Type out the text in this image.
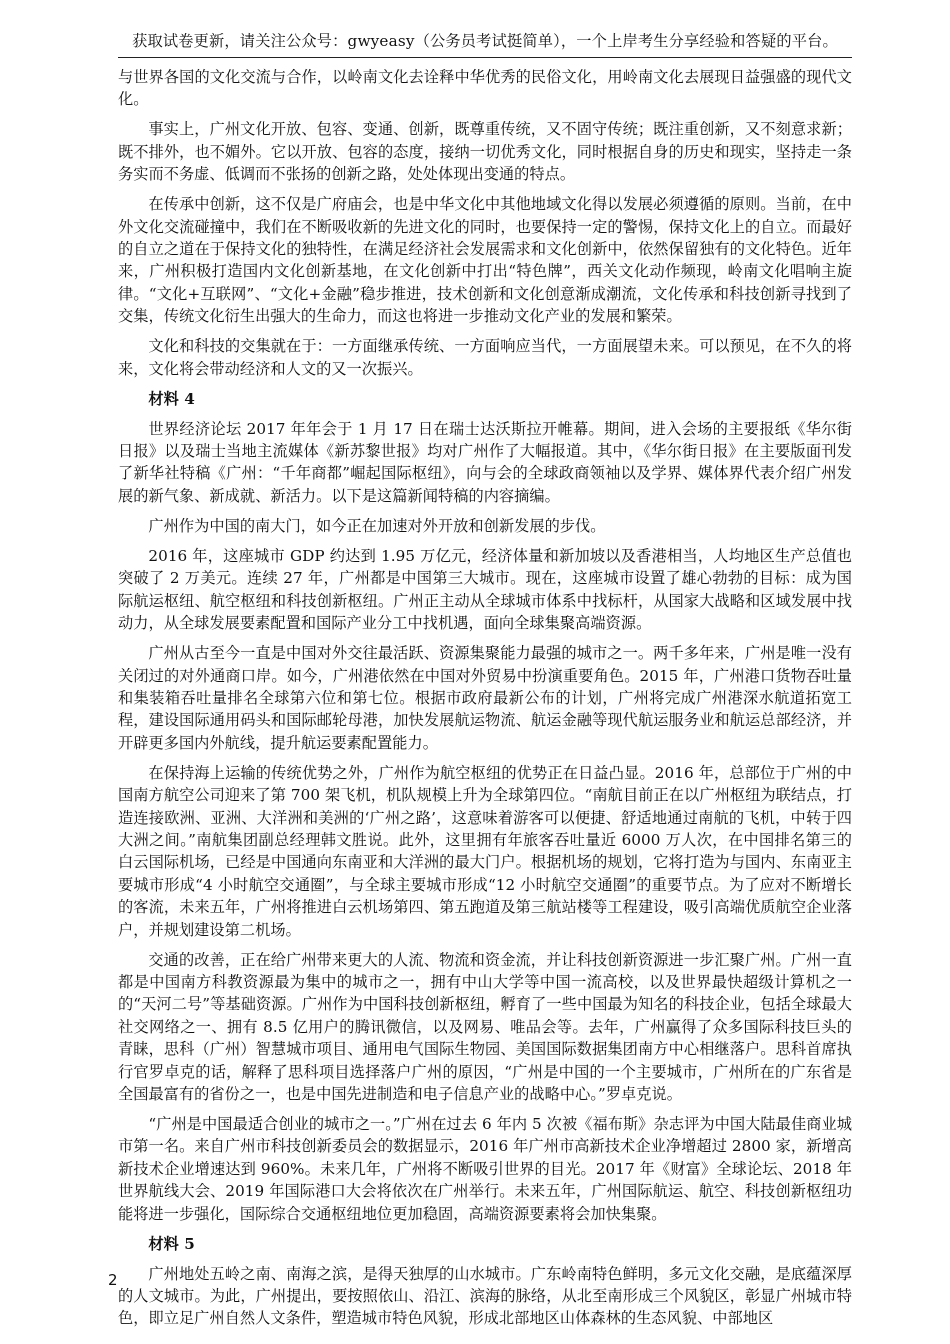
获取试卷更新，请关注公众号：gwyeasy（公务员考试挺简单），一个上岸考生分享经验和答疑的平台。

与世界各国的文化交流与合作，以岭南文化去诠释中华优秀的民俗文化，用岭南文化去展现日益强盛的现代文化。

事实上，广州文化开放、包容、变通、创新，既尊重传统，又不固守传统；既注重创新，又不刻意求新；既不排外，也不媚外。它以开放、包容的态度，接纳一切优秀文化，同时根据自身的历史和现实，坚持走一条务实而不务虚、低调而不张扬的创新之路，处处体现出变通的特点。

在传承中创新，这不仅是广府庙会，也是中华文化中其他地域文化得以发展必须遵循的原则。当前，在中外文化交流碰撞中，我们在不断吸收新的先进文化的同时，也要保持一定的警惕，保持文化上的自立。而最好的自立之道在于保持文化的独特性，在满足经济社会发展需求和文化创新中，依然保留独有的文化特色。近年来，广州积极打造国内文化创新基地，在文化创新中打出“特色牌”，西关文化动作频现，岭南文化唱响主旋律。“文化+互联网”、“文化+金融”稳步推进，技术创新和文化创意渐成潮流，文化传承和科技创新寻找到了交集，传统文化衍生出强大的生命力，而这也将进一步推动文化产业的发展和繁荣。

文化和科技的交集就在于：一方面继承传统、一方面响应当代，一方面展望未来。可以预见，在不久的将来，文化将会带动经济和人文的又一次振兴。

材料 4

世界经济论坛 2017 年年会于 1 月 17 日在瑞士达沃斯拉开帷幕。期间，进入会场的主要报纸《华尔街日报》以及瑞士当地主流媒体《新苏黎世报》均对广州作了大幅报道。其中，《华尔街日报》在主要版面刊发了新华社特稿《广州：“千年商都”崛起国际枢纽》，向与会的全球政商领袖以及学界、媒体界代表介绍广州发展的新气象、新成就、新活力。以下是这篇新闻特稿的内容摘编。

广州作为中国的南大门，如今正在加速对外开放和创新发展的步伐。

2016 年，这座城市 GDP 约达到 1.95 万亿元，经济体量和新加坡以及香港相当，人均地区生产总值也突破了 2 万美元。连续 27 年，广州都是中国第三大城市。现在，这座城市设置了雄心勃勃的目标：成为国际航运枢纽、航空枢纽和科技创新枢纽。广州正主动从全球城市体系中找标杆，从国家大战略和区域发展中找动力，从全球发展要素配置和国际产业分工中找机遇，面向全球集聚高端资源。

广州从古至今一直是中国对外交往最活跃、资源集聚能力最强的城市之一。两千多年来，广州是唯一没有关闭过的对外通商口岸。如今，广州港依然在中国对外贸易中扮演重要角色。2015 年，广州港口货物吞吐量和集装箱吞吐量排名全球第六位和第七位。根据市政府最新公布的计划，广州将完成广州港深水航道拓宽工程，建设国际通用码头和国际邮轮母港，加快发展航运物流、航运金融等现代航运服务业和航运总部经济，并开辟更多国内外航线，提升航运要素配置能力。

在保持海上运输的传统优势之外，广州作为航空枢纽的优势正在日益凸显。2016 年，总部位于广州的中国南方航空公司迎来了第 700 架飞机，机队规模上升为全球第四位。“南航目前正在以广州枢纽为联结点，打造连接欧洲、亚洲、大洋洲和美洲的‘广州之路’，这意味着游客可以便捷、舒适地通过南航的飞机，中转于四大洲之间。”南航集团副总经理韩文胜说。此外，这里拥有年旅客吞吐量近 6000 万人次，在中国排名第三的白云国际机场，已经是中国通向东南亚和大洋洲的最大门户。根据机场的规划，它将打造为与国内、东南亚主要城市形成“4 小时航空交通圈”，与全球主要城市形成“12 小时航空交通圈”的重要节点。为了应对不断增长的客流，未来五年，广州将推进白云机场第四、第五跑道及第三航站楼等工程建设，吸引高端优质航空企业落户，并规划建设第二机场。

交通的改善，正在给广州带来更大的人流、物流和资金流，并让科技创新资源进一步汇聚广州。广州一直都是中国南方科教资源最为集中的城市之一，拥有中山大学等中国一流高校，以及世界最快超级计算机之一的“天河二号”等基础资源。广州作为中国科技创新枢纽，孵育了一些中国最为知名的科技企业，包括全球最大社交网络之一、拥有 8.5 亿用户的腾讯微信，以及网易、唯品会等。去年，广州赢得了众多国际科技巨头的青睐，思科（广州）智慧城市项目、通用电气国际生物园、美国国际数据集团南方中心相继落户。思科首席执行官罗卓克的话，解释了思科项目选择落户广州的原因，“广州是中国的一个主要城市，广州所在的广东省是全国最富有的省份之一，也是中国先进制造和电子信息产业的战略中心。”罗卓克说。

“广州是中国最适合创业的城市之一。”广州在过去 6 年内 5 次被《福布斯》杂志评为中国大陆最佳商业城市第一名。来自广州市科技创新委员会的数据显示，2016 年广州市高新技术企业净增超过 2800 家，新增高新技术企业增速达到 960%。未来几年，广州将不断吸引世界的目光。2017 年《财富》全球论坛、2018 年世界航线大会、2019 年国际港口大会将依次在广州举行。未来五年，广州国际航运、航空、科技创新枢纽功能将进一步强化，国际综合交通枢纽地位更加稳固，高端资源要素将会加快集聚。

材料 5

广州地处五岭之南、南海之滨，是得天独厚的山水城市。广东岭南特色鲜明，多元文化交融，是底蕴深厚的人文城市。为此，广州提出，要按照依山、沿江、滨海的脉络，从北至南形成三个风貌区，彰显广州城市特色，即立足广州自然人文条件，塑造城市特色风貌，形成北部地区山体森林的生态风貌、中部地区

2
